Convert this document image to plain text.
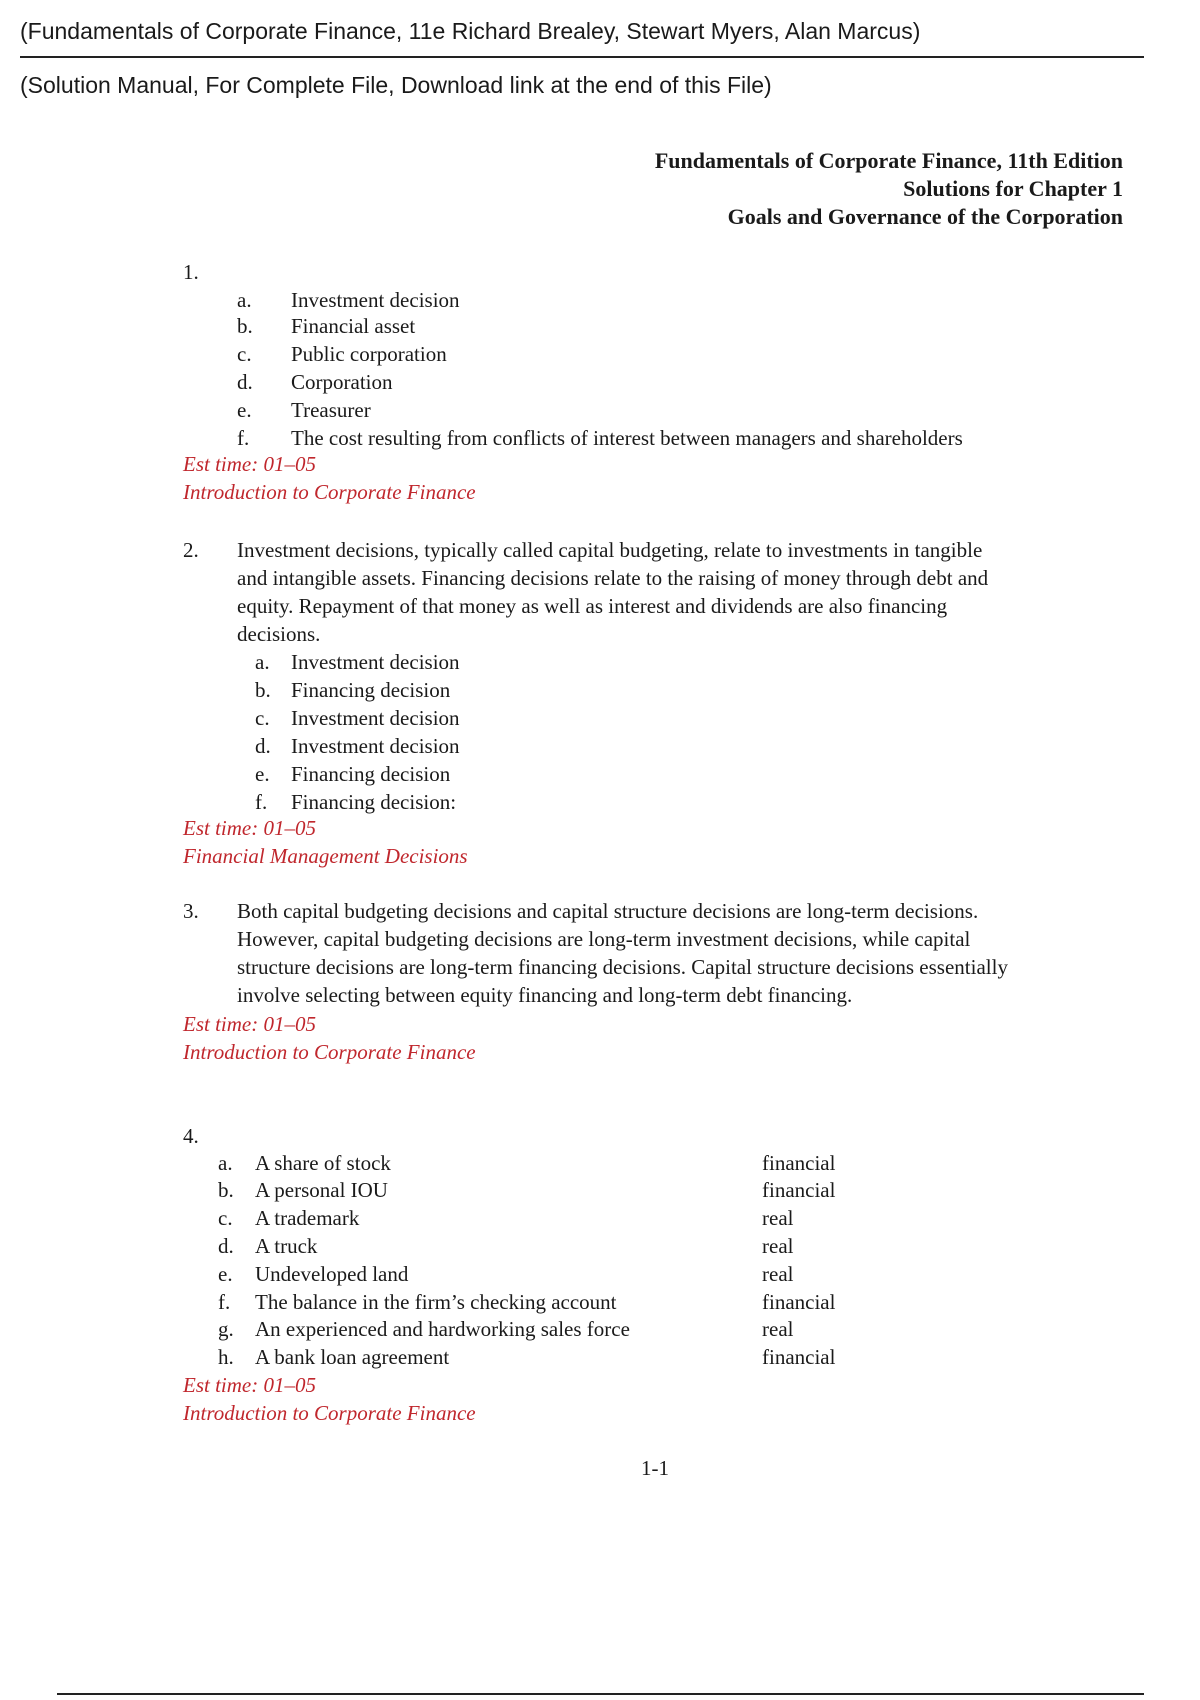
(Fundamentals of Corporate Finance, 11e Richard Brealey, Stewart Myers, Alan Marcus)
(Solution Manual, For Complete File, Download link at the end of this File)
Fundamentals of Corporate Finance, 11th Edition
Solutions for Chapter 1
Goals and Governance of the Corporation
1.
a. Investment decision
b. Financial asset
c. Public corporation
d. Corporation
e. Treasurer
f. The cost resulting from conflicts of interest between managers and shareholders
Est time: 01–05
Introduction to Corporate Finance
2. Investment decisions, typically called capital budgeting, relate to investments in tangible
and intangible assets. Financing decisions relate to the raising of money through debt and
equity. Repayment of that money as well as interest and dividends are also financing
decisions.
a. Investment decision
b. Financing decision
c. Investment decision
d. Investment decision
e. Financing decision
f. Financing decision:
Est time: 01–05
Financial Management Decisions
3. Both capital budgeting decisions and capital structure decisions are long-term decisions.
However, capital budgeting decisions are long-term investment decisions, while capital
structure decisions are long-term financing decisions. Capital structure decisions essentially
involve selecting between equity financing and long-term debt financing.
Est time: 01–05
Introduction to Corporate Finance
4.
a. A share of stock	financial
b. A personal IOU	financial
c. A trademark	real
d. A truck	real
e. Undeveloped land	real
f. The balance in the firm’s checking account	financial
g. An experienced and hardworking sales force	real
h. A bank loan agreement	financial
Est time: 01–05
Introduction to Corporate Finance
1-1
